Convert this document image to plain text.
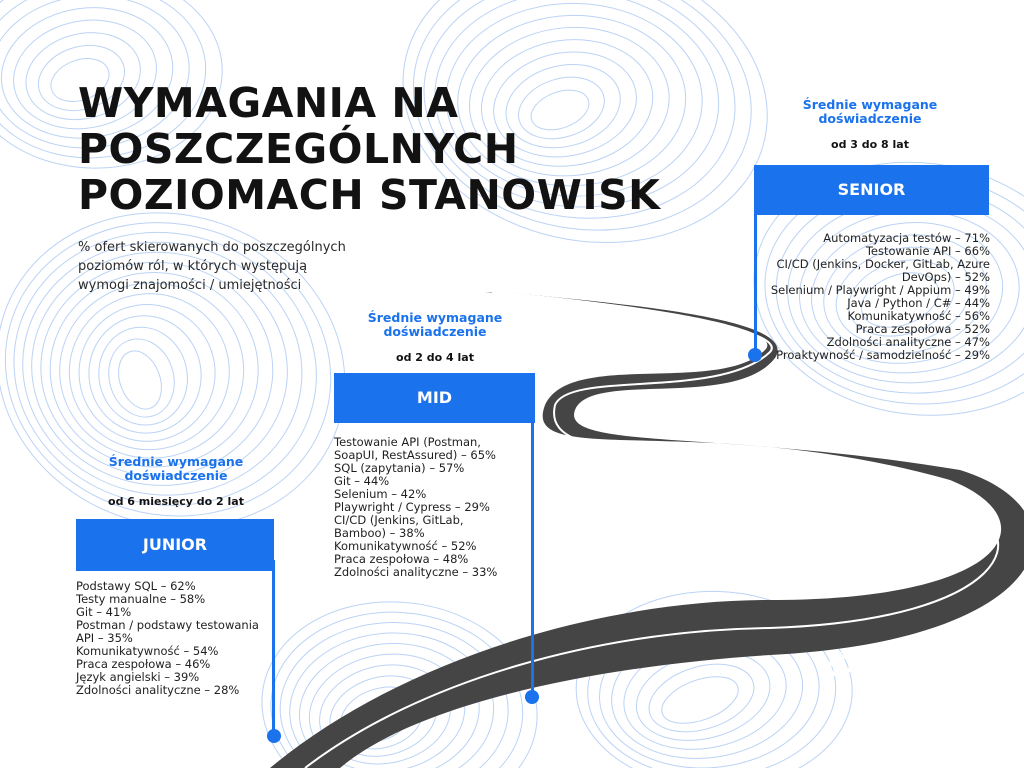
WYMAGANIA NA
POSZCZEGÓLNYCH
POZIOMACH STANOWISK
% ofert skierowanych do poszczególnych
poziomów ról, w których występują
wymogi znajomości / umiejętności
Średnie wymagane
doświadczenie
od 3 do 8 lat
SENIOR
Automatyzacja testów – 71%
Testowanie API – 66%
CI/CD (Jenkins, Docker, GitLab, Azure
DevOps) – 52%
Selenium / Playwright / Appium – 49%
Java / Python / C# – 44%
Komunikatywność – 56%
Praca zespołowa – 52%
Zdolności analityczne – 47%
Proaktywność / samodzielność – 29%
Średnie wymagane
doświadczenie
od 2 do 4 lat
MID
Testowanie API (Postman,
SoapUI, RestAssured) – 65%
SQL (zapytania) – 57%
Git – 44%
Selenium – 42%
Playwright / Cypress – 29%
CI/CD (Jenkins, GitLab,
Bamboo) – 38%
Komunikatywność – 52%
Praca zespołowa – 48%
Zdolności analityczne – 33%
Średnie wymagane
doświadczenie
od 6 miesięcy do 2 lat
JUNIOR
Podstawy SQL – 62%
Testy manualne – 58%
Git – 41%
Postman / podstawy testowania
API – 35%
Komunikatywność – 54%
Praca zespołowa – 46%
Język angielski – 39%
Zdolności analityczne – 28%
testerzy.pl
